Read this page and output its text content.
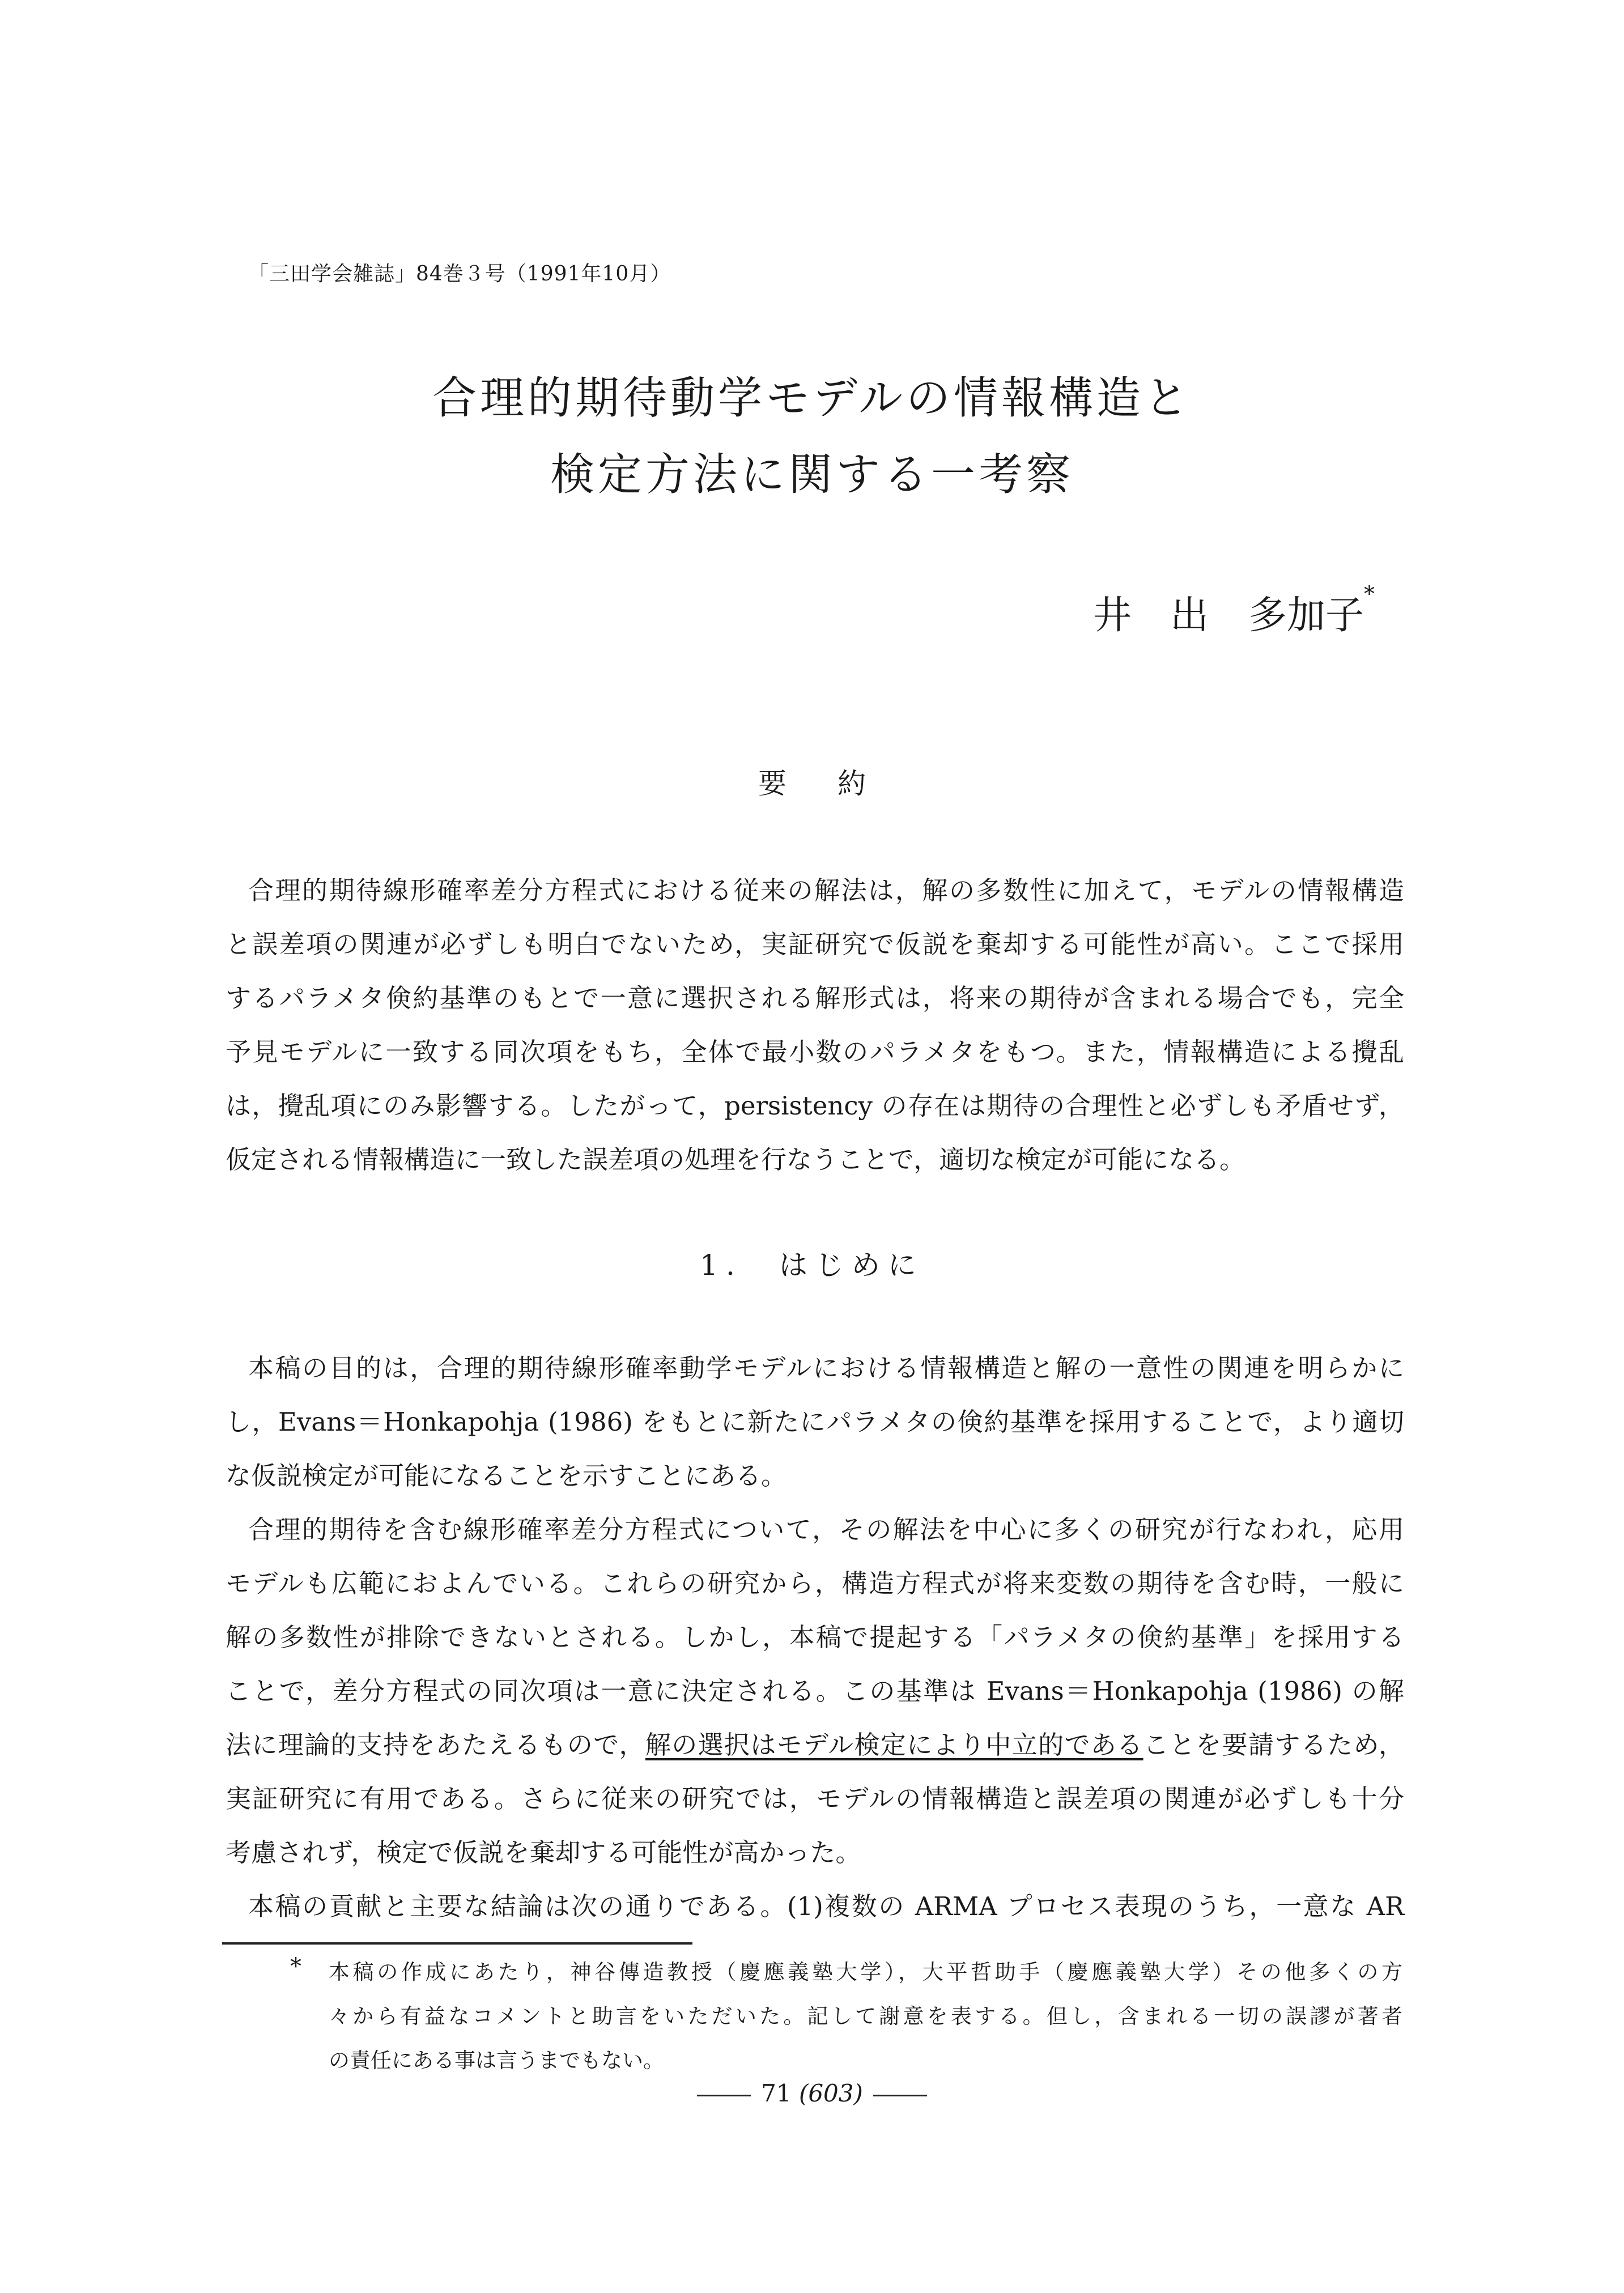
「三田学会雑誌」84巻３号（1991年10月）
合理的期待動学モデルの情報構造と
検定方法に関する一考察
井　出 多加子*
要約
合理的期待線形確率差分方程式における従来の解法は，解の多数性に加えて，モデルの情報構造
と誤差項の関連が必ずしも明白でないため，実証研究で仮説を棄却する可能性が高い。ここで採用
するパラメタ倹約基準のもとで一意に選択される解形式は，将来の期待が含まれる場合でも，完全
予見モデルに一致する同次項をもち，全体で最小数のパラメタをもつ。また，情報構造による攪乱
は，攪乱項にのみ影響する。したがって，persistency の存在は期待の合理性と必ずしも矛盾せず，
仮定される情報構造に一致した誤差項の処理を行なうことで，適切な検定が可能になる。
1.　はじめに
本稿の目的は，合理的期待線形確率動学モデルにおける情報構造と解の一意性の関連を明らかに
し，Evans＝Honkapohja (1986) をもとに新たにパラメタの倹約基準を採用することで，より適切
な仮説検定が可能になることを示すことにある。
合理的期待を含む線形確率差分方程式について，その解法を中心に多くの研究が行なわれ，応用
モデルも広範におよんでいる。これらの研究から，構造方程式が将来変数の期待を含む時，一般に
解の多数性が排除できないとされる。しかし，本稿で提起する「パラメタの倹約基準」を採用する
ことで，差分方程式の同次項は一意に決定される。この基準は Evans＝Honkapohja (1986) の解
法に理論的支持をあたえるもので，解の選択はモデル検定により中立的であることを要請するため，
実証研究に有用である。さらに従来の研究では，モデルの情報構造と誤差項の関連が必ずしも十分
考慮されず，検定で仮説を棄却する可能性が高かった。
本稿の貢献と主要な結論は次の通りである。(1)複数の ARMA プロセス表現のうち，一意な AR
* 本稿の作成にあたり，神谷傳造教授（慶應義塾大学），大平哲助手（慶應義塾大学）その他多くの方
々から有益なコメントと助言をいただいた。記して謝意を表する。但し，含まれる一切の誤謬が著者
の責任にある事は言うまでもない。
71 (603)
